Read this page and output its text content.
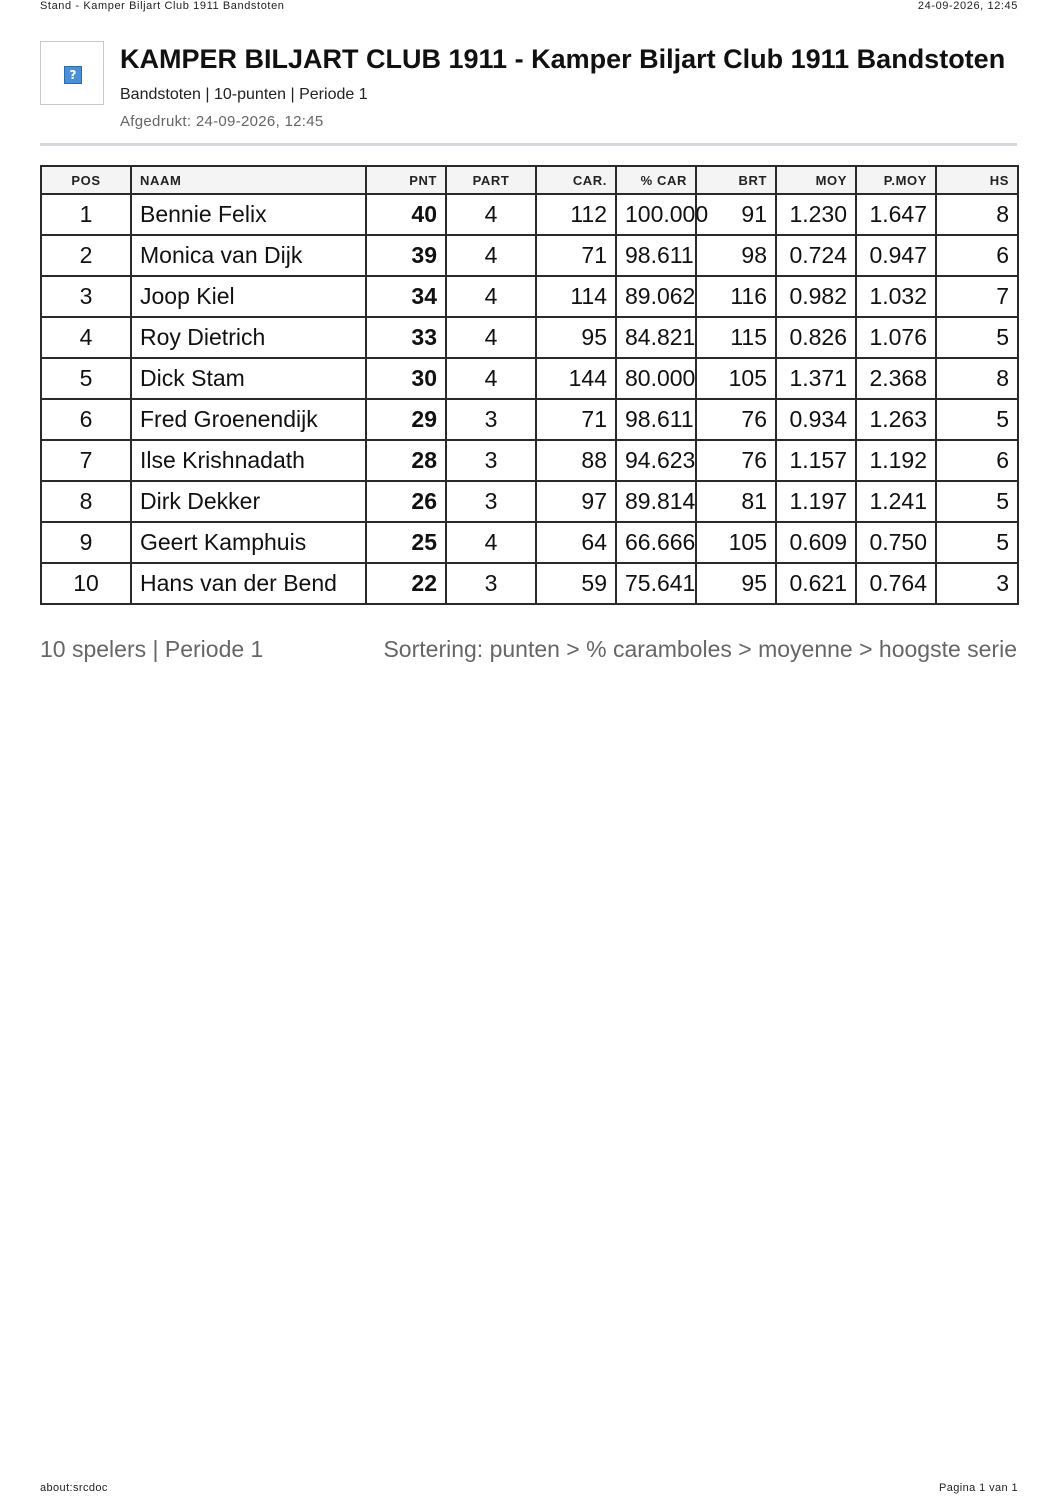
Stand - Kamper Biljart Club 1911 Bandstoten	24-09-2026, 12:45
?
KAMPER BILJART CLUB 1911 - Kamper Biljart Club 1911 Bandstoten
Bandstoten | 10-punten | Periode 1
Afgedrukt: 24-09-2026, 12:45
POS	NAAM	PNT	PART	CAR.	% CAR	BRT	MOY	P.MOY	HS
1	Bennie Felix	40	4	112	100.000	91	1.230	1.647	8
2	Monica van Dijk	39	4	71	98.611	98	0.724	0.947	6
3	Joop Kiel	34	4	114	89.062	116	0.982	1.032	7
4	Roy Dietrich	33	4	95	84.821	115	0.826	1.076	5
5	Dick Stam	30	4	144	80.000	105	1.371	2.368	8
6	Fred Groenendijk	29	3	71	98.611	76	0.934	1.263	5
7	Ilse Krishnadath	28	3	88	94.623	76	1.157	1.192	6
8	Dirk Dekker	26	3	97	89.814	81	1.197	1.241	5
9	Geert Kamphuis	25	4	64	66.666	105	0.609	0.750	5
10	Hans van der Bend	22	3	59	75.641	95	0.621	0.764	3
10 spelers | Periode 1	Sortering: punten > % caramboles > moyenne > hoogste serie
about:srcdoc	Pagina 1 van 1
